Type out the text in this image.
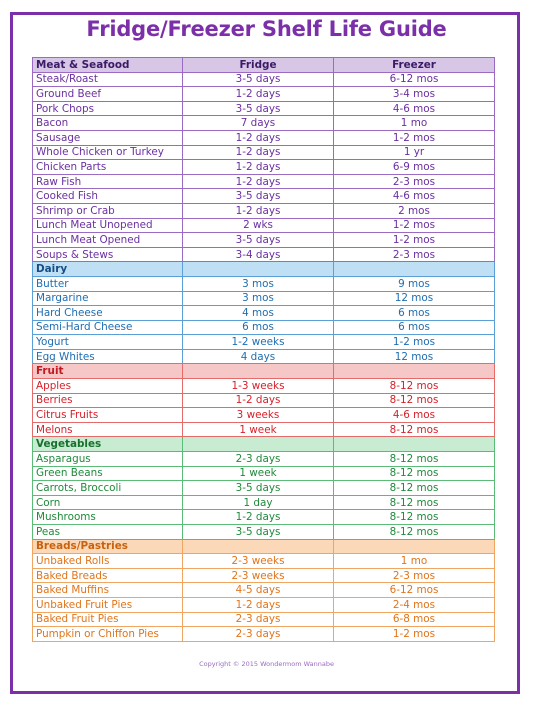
Fridge/Freezer Shelf Life Guide
Meat & Seafood	Fridge	Freezer
Steak/Roast	3-5 days	6-12 mos
Ground Beef	1-2 days	3-4 mos
Pork Chops	3-5 days	4-6 mos
Bacon	7 days	1 mo
Sausage	1-2 days	1-2 mos
Whole Chicken or Turkey	1-2 days	1 yr
Chicken Parts	1-2 days	6-9 mos
Raw Fish	1-2 days	2-3 mos
Cooked Fish	3-5 days	4-6 mos
Shrimp or Crab	1-2 days	2 mos
Lunch Meat Unopened	2 wks	1-2 mos
Lunch Meat Opened	3-5 days	1-2 mos
Soups & Stews	3-4 days	2-3 mos
Dairy		
Butter	3 mos	9 mos
Margarine	3 mos	12 mos
Hard Cheese	4 mos	6 mos
Semi-Hard Cheese	6 mos	6 mos
Yogurt	1-2 weeks	1-2 mos
Egg Whites	4 days	12 mos
Fruit		
Apples	1-3 weeks	8-12 mos
Berries	1-2 days	8-12 mos
Citrus Fruits	3 weeks	4-6 mos
Melons	1 week	8-12 mos
Vegetables		
Asparagus	2-3 days	8-12 mos
Green Beans	1 week	8-12 mos
Carrots, Broccoli	3-5 days	8-12 mos
Corn	1 day	8-12 mos
Mushrooms	1-2 days	8-12 mos
Peas	3-5 days	8-12 mos
Breads/Pastries		
Unbaked Rolls	2-3 weeks	1 mo
Baked Breads	2-3 weeks	2-3 mos
Baked Muffins	4-5 days	6-12 mos
Unbaked Fruit Pies	1-2 days	2-4 mos
Baked Fruit Pies	2-3 days	6-8 mos
Pumpkin or Chiffon Pies	2-3 days	1-2 mos
Copyright © 2015 Wondermom Wannabe
